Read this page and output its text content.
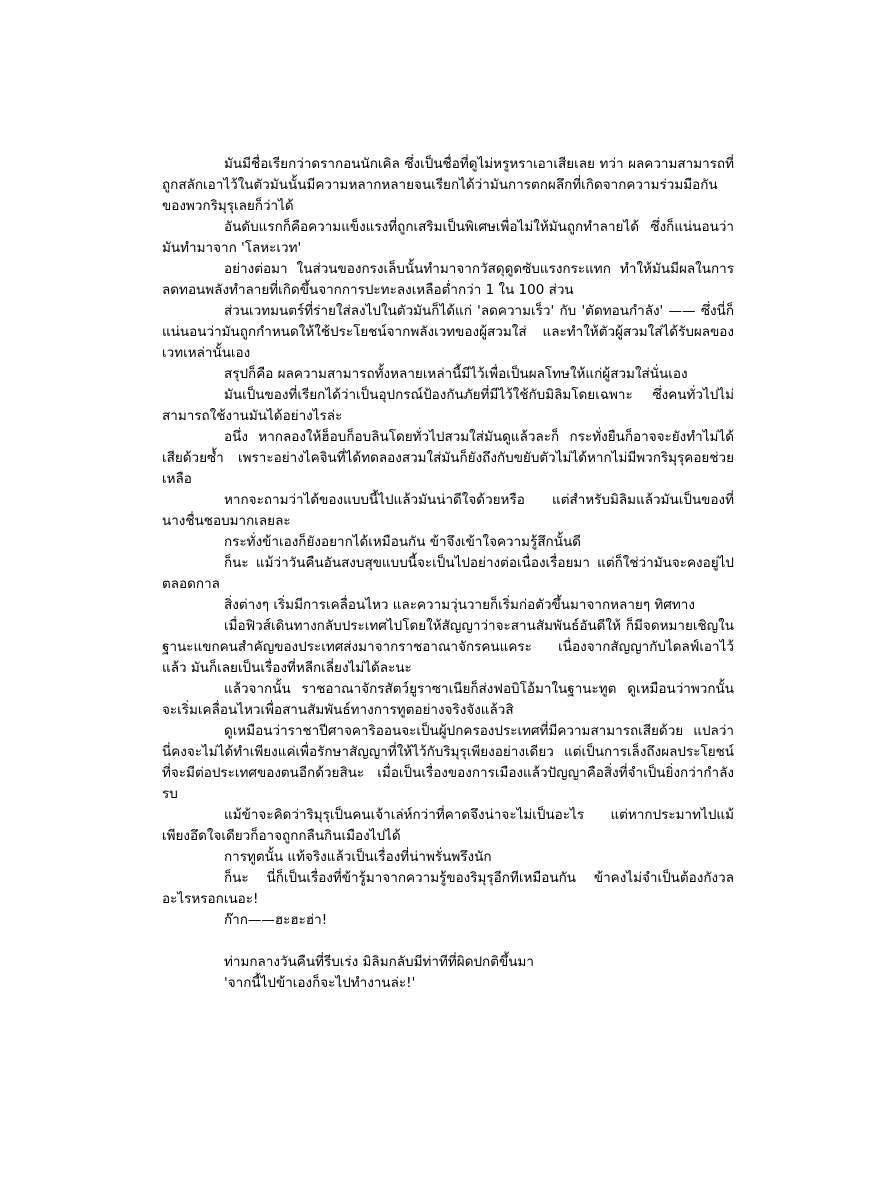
มันมีชื่อเรียกว่าดรากอนนักเคิล ซึ่งเป็นชื่อที่ดูไม่หรูหราเอาเสียเลย ทว่า ผลความสามารถที่ถูกสลักเอาไว้ในตัวมันนั้นมีความหลากหลายจนเรียกได้ว่ามันการตกผลึกที่เกิดจากความร่วมมือกันของพวกริมุรุเลยก็ว่าได้

อันดับแรกก็คือความแข็งแรงที่ถูกเสริมเป็นพิเศษเพื่อไม่ให้มันถูกทำลายได้ ซึ่งก็แน่นอนว่ามันทำมาจาก 'โลหะเวท'

อย่างต่อมา ในส่วนของกรงเล็บนั้นทำมาจากวัสดุดูดซับแรงกระแทก ทำให้มันมีผลในการลดทอนพลังทำลายที่เกิดขึ้นจากการปะทะลงเหลือต่ำกว่า 1 ใน 100 ส่วน

ส่วนเวทมนตร์ที่ร่ายใส่ลงไปในตัวมันก็ได้แก่ 'ลดความเร็ว' กับ 'ตัดทอนกำลัง' —— ซึ่งนี่ก็แน่นอนว่ามันถูกกำหนดให้ใช้ประโยชน์จากพลังเวทของผู้สวมใส่ และทำให้ตัวผู้สวมใส่ได้รับผลของเวทเหล่านั้นเอง

สรุปก็คือ ผลความสามารถทั้งหลายเหล่านี้มีไว้เพื่อเป็นผลโทษให้แก่ผู้สวมใส่นั่นเอง

มันเป็นของที่เรียกได้ว่าเป็นอุปกรณ์ป้องกันภัยที่มีไว้ใช้กับมิลิมโดยเฉพาะ ซึ่งคนทั่วไปไม่สามารถใช้งานมันได้อย่างไรล่ะ

อนึ่ง หากลองให้ฮ็อบก็อบลินโดยทั่วไปสวมใส่มันดูแล้วละก็ กระทั่งยืนก็อาจจะยังทำไม่ได้เสียด้วยซ้ำ เพราะอย่างไคจินที่ได้ทดลองสวมใส่มันก็ยังถึงกับขยับตัวไม่ได้หากไม่มีพวกริมุรุคอยช่วยเหลือ

หากจะถามว่าได้ของแบบนี้ไปแล้วมันน่าดีใจด้วยหรือ แต่สำหรับมิลิมแล้วมันเป็นของที่นางชื่นชอบมากเลยละ

กระทั่งข้าเองก็ยังอยากได้เหมือนกัน ข้าจึงเข้าใจความรู้สึกนั้นดี

ก็นะ แม้ว่าวันคืนอันสงบสุขแบบนี้จะเป็นไปอย่างต่อเนื่องเรื่อยมา แต่ก็ใช่ว่ามันจะคงอยู่ไปตลอดกาล

สิ่งต่างๆ เริ่มมีการเคลื่อนไหว และความวุ่นวายก็เริ่มก่อตัวขึ้นมาจากหลายๆ ทิศทาง

เมื่อฟิวส์เดินทางกลับประเทศไปโดยให้สัญญาว่าจะสานสัมพันธ์อันดีให้ ก็มีจดหมายเชิญในฐานะแขกคนสำคัญของประเทศส่งมาจากราชอาณาจักรคนแคระ เนื่องจากสัญญากับไดลฟ์เอาไว้แล้ว มันก็เลยเป็นเรื่องที่หลีกเลี่ยงไม่ได้ละนะ

แล้วจากนั้น ราชอาณาจักรสัตว์ยูราซาเนียก็ส่งฟอบิโอ้มาในฐานะทูต ดูเหมือนว่าพวกนั้นจะเริ่มเคลื่อนไหวเพื่อสานสัมพันธ์ทางการทูตอย่างจริงจังแล้วสิ

ดูเหมือนว่าราชาปีศาจคาริออนจะเป็นผู้ปกครองประเทศที่มีความสามารถเสียด้วย แปลว่านี่คงจะไม่ได้ทำเพียงแค่เพื่อรักษาสัญญาที่ให้ไว้กับริมุรุเพียงอย่างเดียว แต่เป็นการเล็งถึงผลประโยชน์ที่จะมีต่อประเทศของตนอีกด้วยสินะ เมื่อเป็นเรื่องของการเมืองแล้วปัญญาคือสิ่งที่จำเป็นยิ่งกว่ากำลังรบ

แม้ข้าจะคิดว่าริมุรุเป็นคนเจ้าเล่ห์กว่าที่คาดจึงน่าจะไม่เป็นอะไร แต่หากประมาทไปแม้เพียงอึดใจเดียวก็อาจถูกกลืนกินเมืองไปได้

การทูตนั้น แท้จริงแล้วเป็นเรื่องที่น่าพรั่นพรึงนัก

ก็นะ นี่ก็เป็นเรื่องที่ข้ารู้มาจากความรู้ของริมุรุอีกทีเหมือนกัน ข้าคงไม่จำเป็นต้องกังวลอะไรหรอกเนอะ!

ก๊าก——ฮะฮะฮ่า!

ท่ามกลางวันคืนที่รีบเร่ง มิลิมกลับมีท่าทีที่ผิดปกติขึ้นมา

'จากนี้ไปข้าเองก็จะไปทำงานล่ะ!'
